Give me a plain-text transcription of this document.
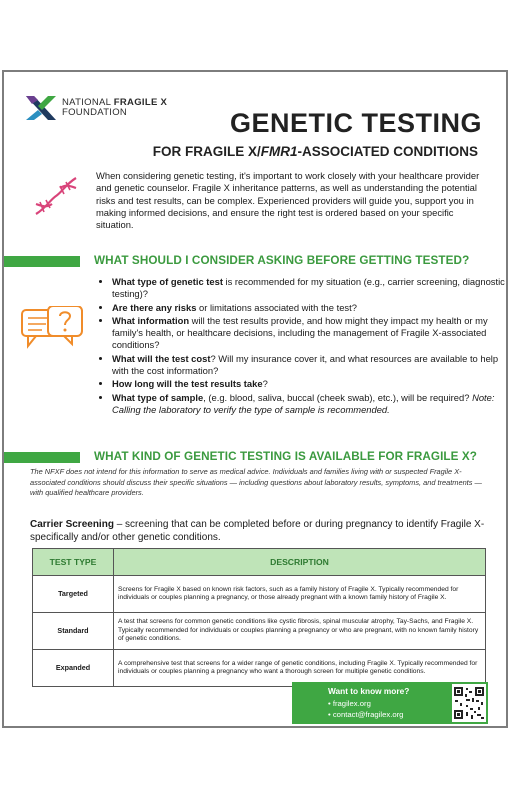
NATIONAL FRAGILE X
FOUNDATION	GENETIC TESTING
FOR FRAGILE X/FMR1-ASSOCIATED CONDITIONS
When considering genetic testing, it's important to work closely with your healthcare provider and genetic counselor. Fragile X inheritance patterns, as well as understanding the potential risks and test results, can be complex. Experienced providers will guide you, support you in making informed decisions, and ensure the right test is ordered based on your specific situation.
WHAT SHOULD I CONSIDER ASKING BEFORE GETTING TESTED?
• What type of genetic test is recommended for my situation (e.g., carrier screening, diagnostic testing)?
• Are there any risks or limitations associated with the test?
• What information will the test results provide, and how might they impact my health or my family's health, or healthcare decisions, including the management of Fragile X-associated conditions?
• What will the test cost? Will my insurance cover it, and what resources are available to help with the cost information?
• How long will the test results take?
• What type of sample, (e.g. blood, saliva, buccal (cheek swab), etc.), will be required? Note: Calling the laboratory to verify the type of sample is recommended.
WHAT KIND OF GENETIC TESTING IS AVAILABLE FOR FRAGILE X?
The NFXF does not intend for this information to serve as medical advice. Individuals and families living with or suspected Fragile X-associated conditions should discuss their specific situations — including questions about laboratory results, symptoms, and treatments — with qualified healthcare providers.
Carrier Screening – screening that can be completed before or during pregnancy to identify Fragile X-specifically and/or other genetic conditions.
TEST TYPE	DESCRIPTION
Targeted	Screens for Fragile X based on known risk factors, such as a family history of Fragile X. Typically recommended for individuals or couples planning a pregnancy, or those already pregnant with a known family history of Fragile X.
Standard	A test that screens for common genetic conditions like cystic fibrosis, spinal muscular atrophy, Tay-Sachs, and Fragile X. Typically recommended for individuals or couples planning a pregnancy or who are pregnant, with no known family history of genetic conditions.
Expanded	A comprehensive test that screens for a wider range of genetic conditions, including Fragile X. Typically recommended for individuals or couples planning a pregnancy who want a thorough screen for multiple genetic conditions.
Want to know more?
• fragilex.org
• contact@fragilex.org
